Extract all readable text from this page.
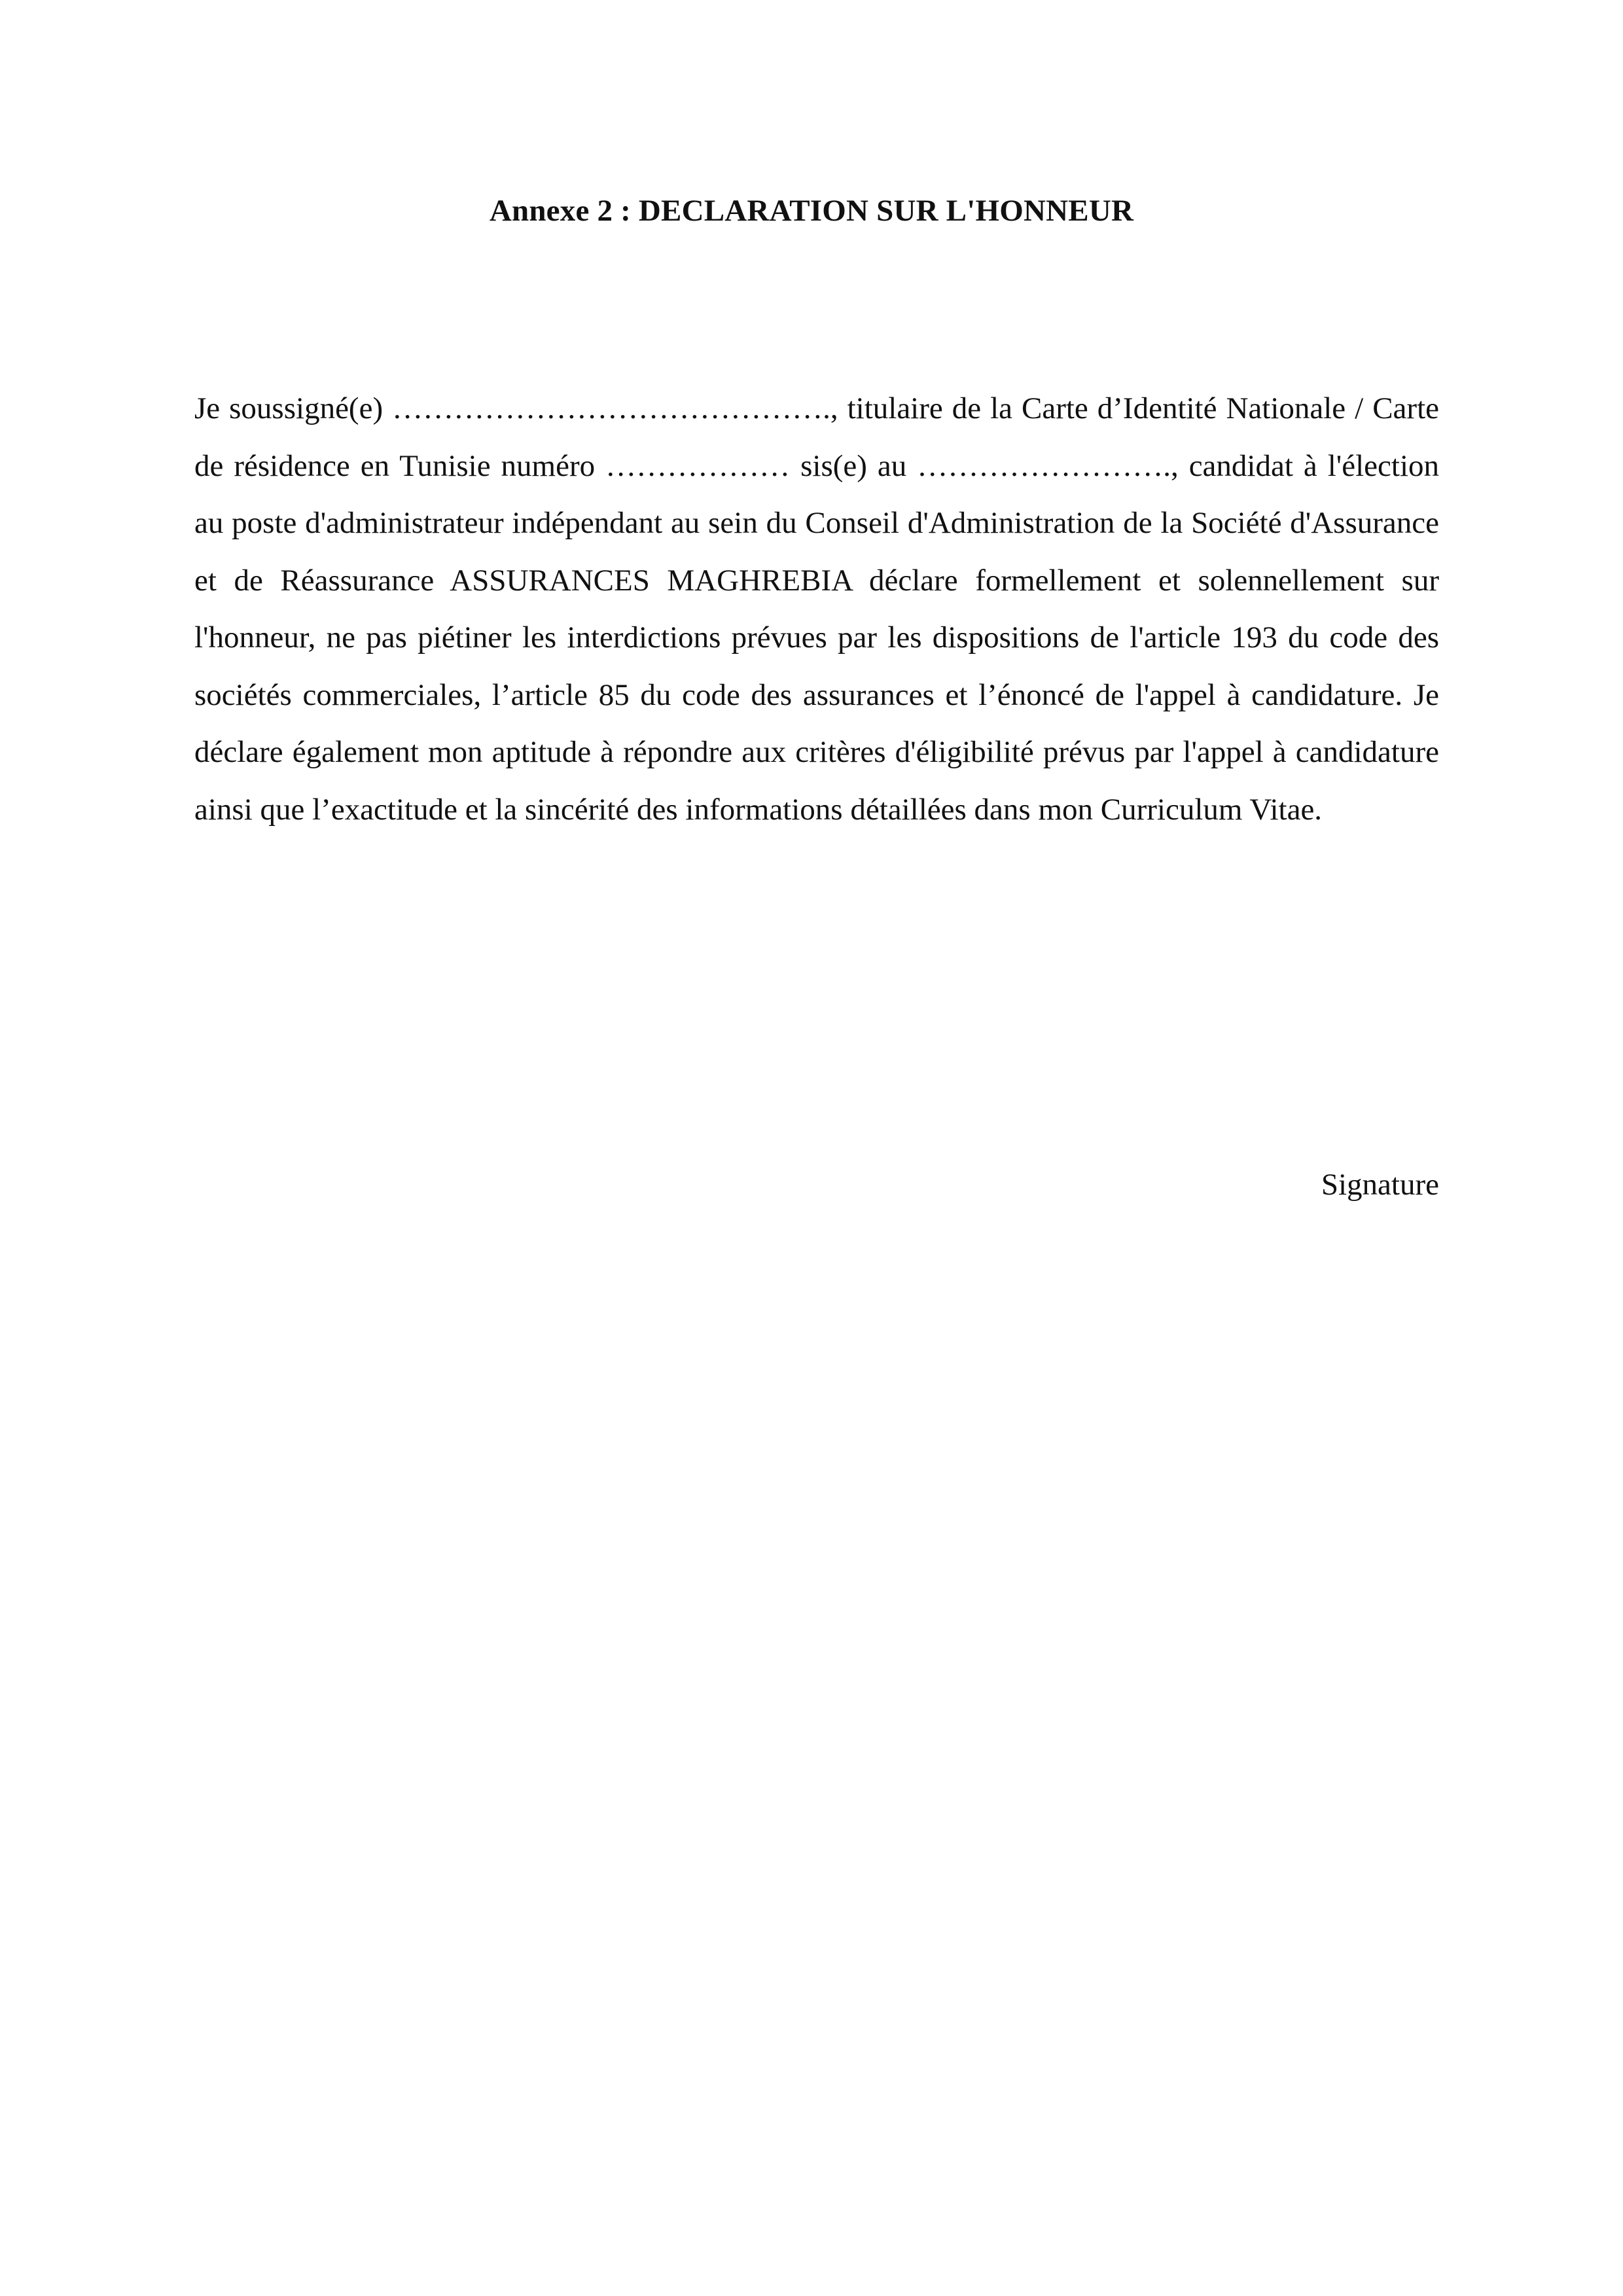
Annexe 2 : DECLARATION SUR L'HONNEUR

Je soussigné(e) ……………………………………., titulaire de la Carte d’Identité Nationale / Carte de résidence en Tunisie numéro ……………… sis(e) au ……………………., candidat à l'élection au poste d'administrateur indépendant au sein du Conseil d'Administration de la Société d'Assurance et de Réassurance ASSURANCES MAGHREBIA déclare formellement et solennellement sur l'honneur, ne pas piétiner les interdictions prévues par les dispositions de l'article 193 du code des sociétés commerciales, l’article 85 du code des assurances et l’énoncé de l'appel à candidature. Je déclare également mon aptitude à répondre aux critères d'éligibilité prévus par l'appel à candidature ainsi que l’exactitude et la sincérité des informations détaillées dans mon Curriculum Vitae.

Signature
